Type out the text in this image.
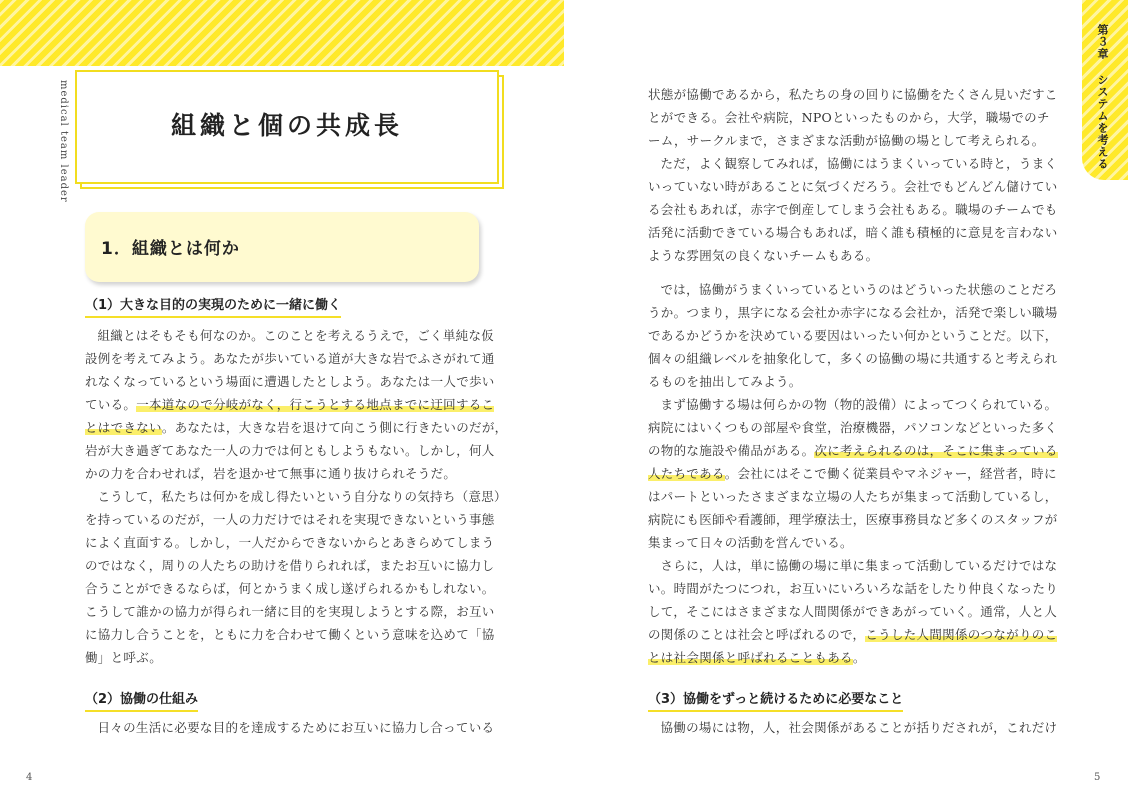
medical team leader	組織と個の共成長
1．組織とは何か
（1）大きな目的の実現のために一緒に働く
組織とはそもそも何なのか。このことを考えるうえで，ごく単純な仮
設例を考えてみよう。あなたが歩いている道が大きな岩でふさがれて通
れなくなっているという場面に遭遇したとしよう。あなたは一人で歩い
ている。一本道なので分岐がなく，行こうとする地点までに迂回するこ
とはできない。あなたは，大きな岩を退けて向こう側に行きたいのだが，
岩が大き過ぎてあなた一人の力では何ともしようもない。しかし，何人
かの力を合わせれば，岩を退かせて無事に通り抜けられそうだ。
こうして，私たちは何かを成し得たいという自分なりの気持ち（意思）
を持っているのだが，一人の力だけではそれを実現できないという事態
によく直面する。しかし，一人だからできないからとあきらめてしまう
のではなく，周りの人たちの助けを借りられれば，またお互いに協力し
合うことができるならば，何とかうまく成し遂げられるかもしれない。
こうして誰かの協力が得られ一緒に目的を実現しようとする際，お互い
に協力し合うことを，ともに力を合わせて働くという意味を込めて「協
働」と呼ぶ。
（2）協働の仕組み
日々の生活に必要な目的を達成するためにお互いに協力し合っている
4
第３章
システムを考える
状態が協働であるから，私たちの身の回りに協働をたくさん見いだすこ
とができる。会社や病院，NPOといったものから，大学，職場でのチ
ーム，サークルまで，さまざまな活動が協働の場として考えられる。
ただ，よく観察してみれば，協働にはうまくいっている時と，うまく
いっていない時があることに気づくだろう。会社でもどんどん儲けてい
る会社もあれば，赤字で倒産してしまう会社もある。職場のチームでも
活発に活動できている場合もあれば，暗く誰も積極的に意見を言わない
ような雰囲気の良くないチームもある。
では，協働がうまくいっているというのはどういった状態のことだろ
うか。つまり，黒字になる会社か赤字になる会社か，活発で楽しい職場
であるかどうかを決めている要因はいったい何かということだ。以下，
個々の組織レベルを抽象化して，多くの協働の場に共通すると考えられ
るものを抽出してみよう。
まず協働する場は何らかの物（物的設備）によってつくられている。
病院にはいくつもの部屋や食堂，治療機器，パソコンなどといった多く
の物的な施設や備品がある。次に考えられるのは，そこに集まっている
人たちである。会社にはそこで働く従業員やマネジャー，経営者，時に
はパートといったさまざまな立場の人たちが集まって活動しているし，
病院にも医師や看護師，理学療法士，医療事務員など多くのスタッフが
集まって日々の活動を営んでいる。
さらに，人は，単に協働の場に単に集まって活動しているだけではな
い。時間がたつにつれ，お互いにいろいろな話をしたり仲良くなったり
して，そこにはさまざまな人間関係ができあがっていく。通常，人と人
の関係のことは社会と呼ばれるので，こうした人間関係のつながりのこ
とは社会関係と呼ばれることもある。
（3）協働をずっと続けるために必要なこと
協働の場には物，人，社会関係があることが括りだされが，これだけ
5
